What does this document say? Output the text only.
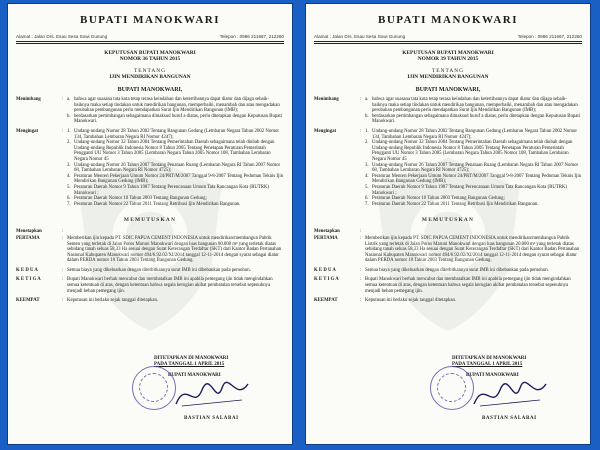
BUPATI MANOKWARI
Alamat : Jalan Drs. Esau Sesa Sowi Gunung	Telepon : 0986 211667, 212260
KEPUTUSAN BUPATI MANOKWARI
NOMOR 36 TAHUN 2015
TENTANG
IJIN MENDIRIKAN BANGUNAN
BUPATI MANOKWARI,
Menimbang	: a. bahwa agar suasana tata kota tetap terasa keindahan dan ketertibannya dapat diatur dan dijaga sebaik-baiknya maka setiap tindakan untuk mendirikan bangunan, memperbaiki, menambah dan atau mengadakan perubahan pembangunan perlu mendapatkan Surat Ijin Mendirikan Bangunan (IMB);
b. berdasarkan pertimbangan sebagaimana dimaksud huruf a diatas, perlu ditetapkan dengan Keputusan Bupati Manokwari.
Mengingat	: 1. Undang-undang Nomor 28 Tahun 2002 Tentang Bangunan Gedung (Lembaran Negara Tahun 2002 Nomor 134, Tambahan Lembaran Negara RI Nomor 4247);
2. Undang-undang Nomor 32 Tahun 2004 Tentang Pemerintahan Daerah sebagaimana telah diubah dengan Undang-undang Republik Indonesia Nomor 8 Tahun 2005 Tentang Penetapan Peraturan Pemerintah Pengganti UU Nomor 3 Tahun 2005 (Lembaran Negara Tahun 2005 Nomor 108, Tambahan Lembaran Negara Nomor 45
3. Undang-undang Nomor 26 Tahun 2007 Tentang Penataan Ruang (Lembaran Negara RI Tahun 2007 Nomor 68, Tambahan Lembaran Negara RI Nomor 4725);
4. Peraturan Menteri Pekerjaan Umum Nomor 24/PRT/M/2007 Tanggal 9-8-2007 Tentang Pedoman Teknis Ijin Mendirikan Bangunan Gedung (IMB);
5. Peraturan Daerah Nomor 9 Tahun 1987 Tentang Perencanaan Umum Tata Rancangan Kota (RUTRK) Manokwari ;
6. Peraturan Daerah Nomor 10 Tahun 2003 Tentang Bangunan Gedung;
7. Peraturan Daerah Nomor 22 Tahun 2011 Tentang Retribusi Ijin Mendirikan Bangunan.
MEMUTUSKAN
Menetapkan	:
PERTAMA	: Memberikan ijin kepada PT. SDIC PAPUA CEMENT INDONESIA untuk mendirikan/membangun Pabrik Semen yang terletak di Jalan Poros Maruni Manokwari dengan luas bangunan 60.000 m² yang terletak diatas sebidang tanah seluas 58,33 Ha sesuai dengan Surat Keterangan Terdaftar (SKT) dari Kantor Badan Pertanahan Nasional Kabupaten Manokwari nomor 494/6.92.02/XI/2014 tanggal 12-11-2014 dengan syarat sebagai diatur dalam PERDA nomor 10 Tahun 2003 Tentang Bangunan Gedung.
K E D U A	: Semua biaya yang dikeluarkan dengan diterbitkannya surat IMB ini dibebankan pada pemohon.
K E T I G A	: Bupati Manokwari berhak mencabut dan membatalkan IMB ini apabila pemegang ijin tidak mengindahkan semua ketentuan di atas, dengan ketentuan bahwa segala kerugian akibat pembatalan tersebut sepenuhnya menjadi beban pemegang ijin.
KEEMPAT	: Keputusan ini berlaku sejak tanggal ditetapkan.
DITETAPKAN DI MANOKWARI
PADA TANGGAL 1 APRIL 2015
BUPATI MANOKWARI
BASTIAN SALABAI
BUPATI MANOKWARI
Alamat : Jalan Drs. Esau Sesa Sowi Gunung	Telepon : 0986 211667, 212260
KEPUTUSAN BUPATI MANOKWARI
NOMOR 39 TAHUN 2015
TENTANG
IJIN MENDIRIKAN BANGUNAN
BUPATI MANOKWARI,
Menimbang	: a. bahwa agar suasana tata kota tetap terasa keindahan dan ketertibannya dapat diatur dan dijaga sebaik-baiknya maka setiap tindakan untuk mendirikan bangunan, memperbaiki, menambah dan atau mengadakan perubahan pembangunan perlu mendapatkan Surat Ijin Mendirikan Bangunan (IMB);
b. berdasarkan pertimbangan sebagaimana dimaksud huruf a diatas, perlu ditetapkan dengan Keputusan Bupati Manokwari.
Mengingat	: 1. Undang-undang Nomor 28 Tahun 2002 Tentang Bangunan Gedung (Lembaran Negara Tahun 2002 Nomor 134, Tambahan Lembaran Negara RI Nomor 4247);
2. Undang-undang Nomor 32 Tahun 2004 Tentang Pemerintahan Daerah sebagaimana telah diubah dengan Undang-undang Republik Indonesia Nomor 8 Tahun 2005 Tentang Penetapan Peraturan Pemerintah Pengganti UU Nomor 3 Tahun 2005 (Lembaran Negara Tahun 2005 Nomor 108, Tambahan Lembaran Negara Nomor 45
3. Undang-undang Nomor 26 Tahun 2007 Tentang Penataan Ruang (Lembaran Negara RI Tahun 2007 Nomor 68, Tambahan Lembaran Negara RI Nomor 4725);
4. Peraturan Menteri Pekerjaan Umum Nomor 24/PRT/M/2007 Tanggal 9-8-2007 Tentang Pedoman Teknis Ijin Mendirikan Bangunan Gedung (IMB);
5. Peraturan Daerah Nomor 9 Tahun 1987 Tentang Perencanaan Umum Tata Rancangan Kota (RUTRK) Manokwari ;
6. Peraturan Daerah Nomor 10 Tahun 2003 Tentang Bangunan Gedung;
7. Peraturan Daerah Nomor 22 Tahun 2011 Tentang Retribusi Ijin Mendirikan Bangunan.
MEMUTUSKAN
Menetapkan	:
PERTAMA	: Memberikan ijin kepada PT. SDIC PAPUA CEMENT INDONESIA untuk mendirikan/membangun Pabrik Listrik yang terletak di Jalan Poros Maruni Manokwari dengan luas bangunan 20.000 m² yang terletak diatas sebidang tanah seluas 58,33 Ha sesuai dengan Surat Keterangan Terdaftar (SKT) dari Kantor Badan Pertanahan Nasional Kabupaten Manokwari nomor 494/6.92.02/XI/2014 tanggal 12-11-2014 dengan syarat sebagai diatur dalam PERDA nomor 10 Tahun 2003 Tentang Bangunan Gedung.
K E D U A	: Semua biaya yang dikeluarkan dengan diterbitkannya surat IMB ini dibebankan pada pemohon.
K E T I G A	: Bupati Manokwari berhak mencabut dan membatalkan IMB ini apabila pemegang ijin tidak mengindahkan semua ketentuan di atas, dengan ketentuan bahwa segala kerugian akibat pembatalan tersebut sepenuhnya menjadi beban pemegang ijin.
KEEMPAT	: Keputusan ini berlaku sejak tanggal ditetapkan.
DITETAPKAN DI MANOKWARI
PADA TANGGAL 1 APRIL 2015
BUPATI MANOKWARI
BASTIAN SALABAI
